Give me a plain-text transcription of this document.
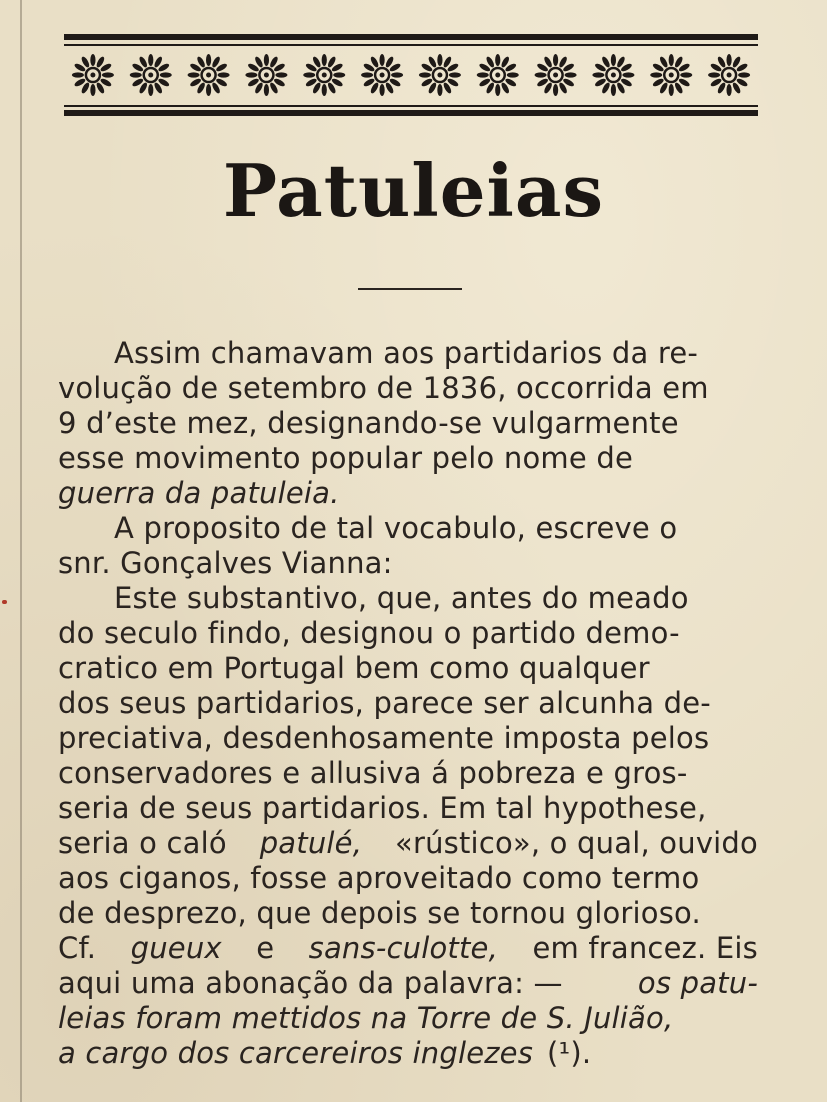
Patuleias
Assim chamavam aos partidarios da re-
volução de setembro de 1836, occorrida em
9 d’este mez, designando-se vulgarmente
esse movimento popular pelo nome de
guerra da patuleia.
A proposito de tal vocabulo, escreve o
snr. Gonçalves Vianna:
Este substantivo, que, antes do meado
do seculo findo, designou o partido demo-
cratico em Portugal bem como qualquer
dos seus partidarios, parece ser alcunha de-
preciativa, desdenhosamente imposta pelos
conservadores e allusiva á pobreza e gros-
seria de seus partidarios. Em tal hypothese,
seria o caló patulé, «rústico», o qual, ouvido
aos ciganos, fosse aproveitado como termo
de desprezo, que depois se tornou glorioso.
Cf. gueux e sans-culotte, em francez. Eis
aqui uma abonação da palavra: —	os patu-
leias foram mettidos na Torre de S. Julião,
a cargo dos carcereiros inglezes (¹).
